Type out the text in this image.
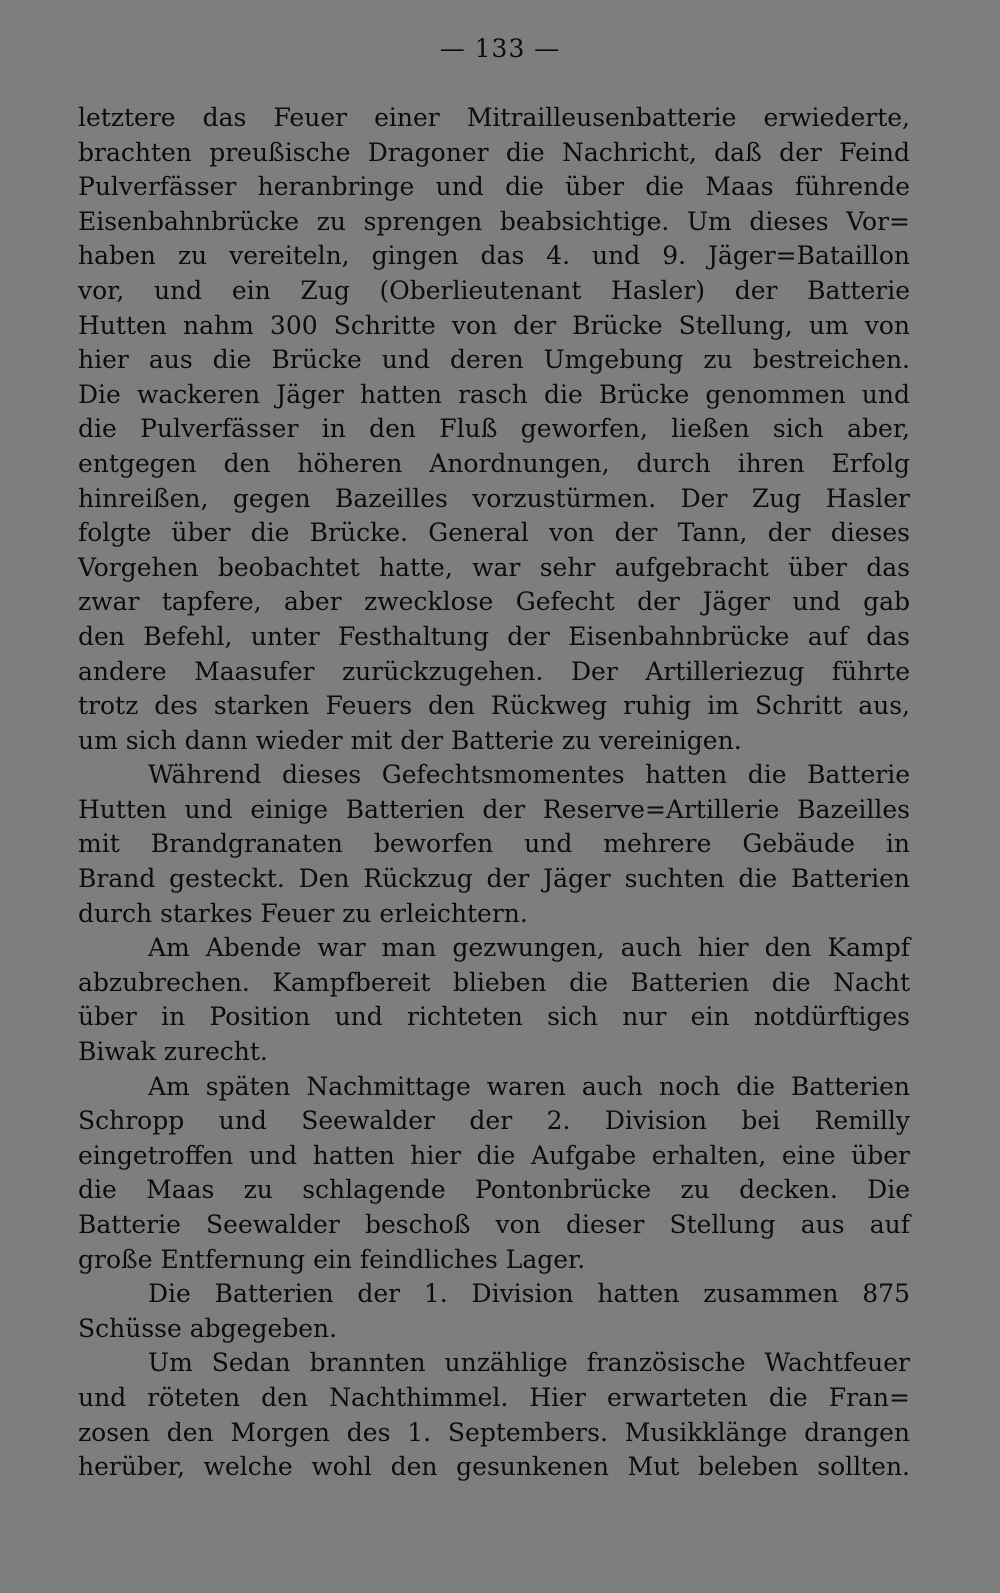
— 133 —

letztere das Feuer einer Mitrailleusenbatterie erwiederte,
brachten preußische Dragoner die Nachricht, daß der Feind
Pulverfässer heranbringe und die über die Maas führende
Eisenbahnbrücke zu sprengen beabsichtige. Um dieses Vor=
haben zu vereiteln, gingen das 4. und 9. Jäger=Bataillon
vor, und ein Zug (Oberlieutenant Hasler) der Batterie
Hutten nahm 300 Schritte von der Brücke Stellung, um von
hier aus die Brücke und deren Umgebung zu bestreichen.
Die wackeren Jäger hatten rasch die Brücke genommen und
die Pulverfässer in den Fluß geworfen, ließen sich aber,
entgegen den höheren Anordnungen, durch ihren Erfolg
hinreißen, gegen Bazeilles vorzustürmen. Der Zug Hasler
folgte über die Brücke. General von der Tann, der dieses
Vorgehen beobachtet hatte, war sehr aufgebracht über das
zwar tapfere, aber zwecklose Gefecht der Jäger und gab
den Befehl, unter Festhaltung der Eisenbahnbrücke auf das
andere Maasufer zurückzugehen. Der Artilleriezug führte
trotz des starken Feuers den Rückweg ruhig im Schritt aus,
um sich dann wieder mit der Batterie zu vereinigen.
Während dieses Gefechtsmomentes hatten die Batterie
Hutten und einige Batterien der Reserve=Artillerie Bazeilles
mit Brandgranaten beworfen und mehrere Gebäude in
Brand gesteckt. Den Rückzug der Jäger suchten die Batterien
durch starkes Feuer zu erleichtern.
Am Abende war man gezwungen, auch hier den Kampf
abzubrechen. Kampfbereit blieben die Batterien die Nacht
über in Position und richteten sich nur ein notdürftiges
Biwak zurecht.
Am späten Nachmittage waren auch noch die Batterien
Schropp und Seewalder der 2. Division bei Remilly
eingetroffen und hatten hier die Aufgabe erhalten, eine über
die Maas zu schlagende Pontonbrücke zu decken. Die
Batterie Seewalder beschoß von dieser Stellung aus auf
große Entfernung ein feindliches Lager.
Die Batterien der 1. Division hatten zusammen 875
Schüsse abgegeben.
Um Sedan brannten unzählige französische Wachtfeuer
und röteten den Nachthimmel. Hier erwarteten die Fran=
zosen den Morgen des 1. Septembers. Musikklänge drangen
herüber, welche wohl den gesunkenen Mut beleben sollten.
